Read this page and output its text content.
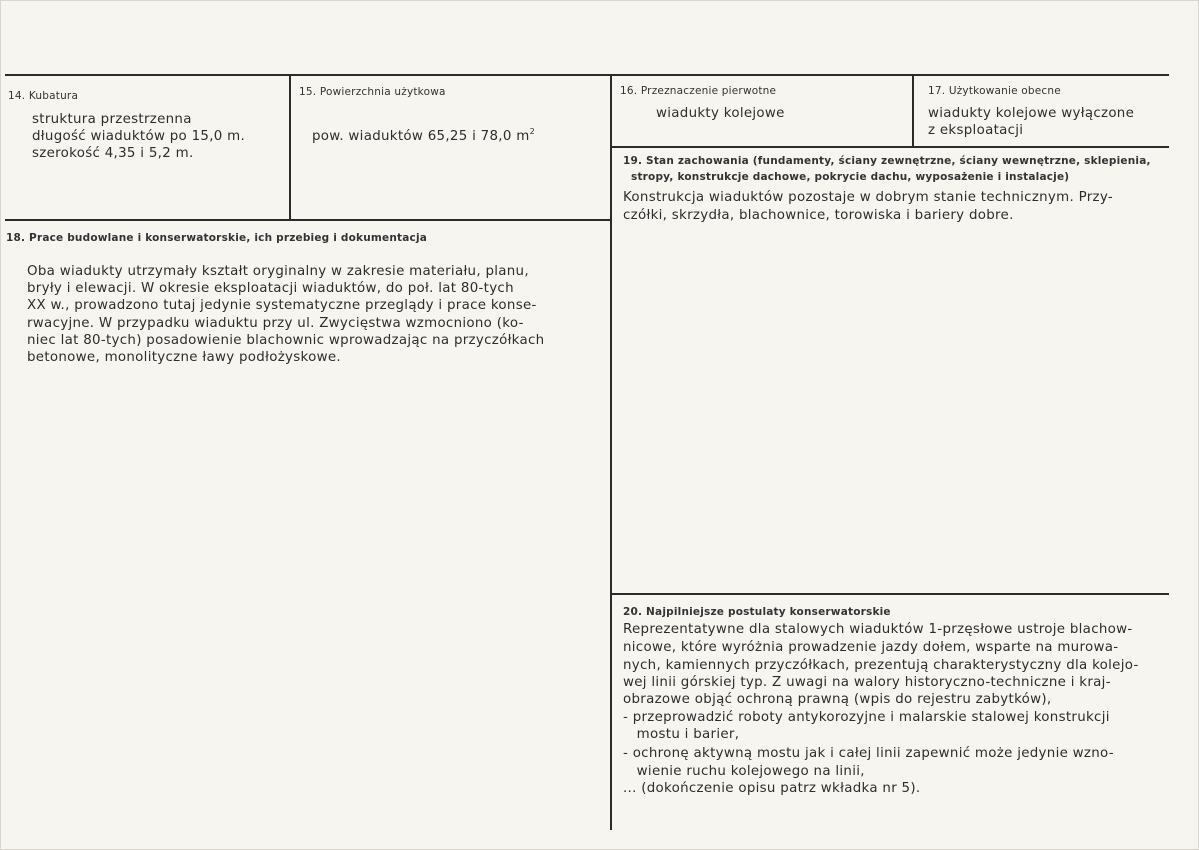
14. Kubatura
struktura przestrzenna
długość wiaduktów po 15,0 m.
szerokość 4,35 i 5,2 m.
15. Powierzchnia użytkowa
pow. wiaduktów 65,25 i 78,0 $m^2$
16. Przeznaczenie pierwotne
wiadukty kolejowe
17. Użytkowanie obecne
wiadukty kolejowe wyłączone
z eksploatacji
19. Stan zachowania (fundamenty, ściany zewnętrzne, ściany wewnętrzne, sklepienia,
stropy, konstrukcje dachowe, pokrycie dachu, wyposażenie i instalacje)
Konstrukcja wiaduktów pozostaje w dobrym stanie technicznym. Przy-
czółki, skrzydła, blachownice, torowiska i bariery dobre.
18. Prace budowlane i konserwatorskie, ich przebieg i dokumentacja
Oba wiadukty utrzymały kształt oryginalny w zakresie materiału, planu,
bryły i elewacji. W okresie eksploatacji wiaduktów, do poł. lat 80-tych
XX w., prowadzono tutaj jedynie systematyczne przeglądy i prace konse-
rwacyjne. W przypadku wiaduktu przy ul. Zwycięstwa wzmocniono (ko-
niec lat 80-tych) posadowienie blachownic wprowadzając na przyczółkach
betonowe, monolityczne ławy podłożyskowe.
20. Najpilniejsze postulaty konserwatorskie
Reprezentatywne dla stalowych wiaduktów 1-przęsłowe ustroje blachow-
nicowe, które wyróżnia prowadzenie jazdy dołem, wsparte na murowa-
nych, kamiennych przyczółkach, prezentują charakterystyczny dla kolejo-
wej linii górskiej typ. Z uwagi na walory historyczno-techniczne i kraj-
obrazowe objąć ochroną prawną (wpis do rejestru zabytków),
- przeprowadzić roboty antykorozyjne i malarskie stalowej konstrukcji
mostu i barier,
- ochronę aktywną mostu jak i całej linii zapewnić może jedynie wzno-
wienie ruchu kolejowego na linii,
... (dokończenie opisu patrz wkładka nr 5).
